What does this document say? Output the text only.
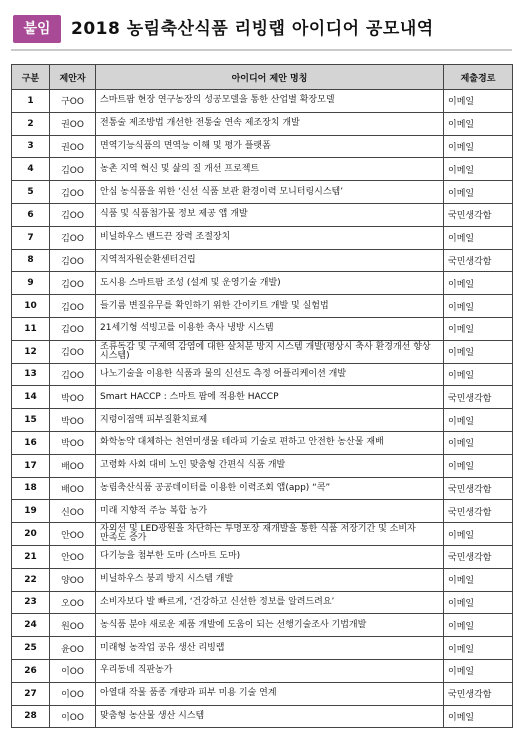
붙임	2018 농림축산식품 리빙랩 아이디어 공모내역
구분	제안자	아이디어 제안 명칭	제출경로
1	구OO	스마트팜 현장 연구농장의 성공모델을 통한 산업별 확장모델	이메일
2	권OO	전통술 제조방법 개선한 전통술 연속 제조장치 개발	이메일
3	권OO	면역기능식품의 면역능 이해 및 평가 플랫폼	이메일
4	김OO	농촌 지역 혁신 및 삶의 질 개선 프로젝트	이메일
5	김OO	안심 농식품을 위한 ‘신선 식품 보관 환경이력 모니터링시스템’	이메일
6	김OO	식품 및 식품첨가물 정보 제공 앱 개발	국민생각함
7	김OO	비닐하우스 밴드끈 장력 조절장치	이메일
8	김OO	지역적자원순환센터건립	국민생각함
9	김OO	도시용 스마트팜 조성 (설계 및 운영기술 개발)	이메일
10	김OO	들기름 변질유무를 확인하기 위한 간이키트 개발 및 실험법	이메일
11	김OO	21세기형 석빙고를 이용한 축사 냉방 시스템	이메일
12	김OO	조류독감 및 구제역 감염에 대한 살처분 방지 시스템 개발(평상시 축사 환경개선 향상 시스템)	이메일
13	김OO	나노기술을 이용한 식품과 물의 신선도 측정 어플리케이션 개발	이메일
14	박OO	Smart HACCP : 스마트 팜에 적용한 HACCP	국민생각함
15	박OO	지렁이점액 피부질환치료제	이메일
16	박OO	화학농약 대체하는 천연미생물 테라피 기술로 편하고 안전한 농산물 재배	이메일
17	배OO	고령화 사회 대비 노인 맞춤형 간편식 식품 개발	이메일
18	배OO	농림축산식품 공공데이터를 이용한 이력조회 앱(app) “콕”	국민생각함
19	신OO	미래 지향적 주능 복합 농가	국민생각함
20	안OO	자외선 및 LED광원을 차단하는 투명포장 재개발을 통한 식품 저장기간 및 소비자 만족도 증가	이메일
21	안OO	다기능을 첨부한 도마 (스마트 도마)	국민생각함
22	양OO	비닐하우스 붕괴 방지 시스템 개발	이메일
23	오OO	소비자보다 발 빠르게, ‘건강하고 신선한 정보를 알려드려요’	이메일
24	원OO	농식품 분야 새로운 제품 개발에 도움이 되는 선행기술조사 기법개발	이메일
25	윤OO	미래형 농작업 공유 생산 리빙랩	이메일
26	이OO	우리동네 직판농가	이메일
27	이OO	아열대 작물 품종 개량과 피부 미용 기술 연계	국민생각함
28	이OO	맞춤형 농산물 생산 시스템	이메일
